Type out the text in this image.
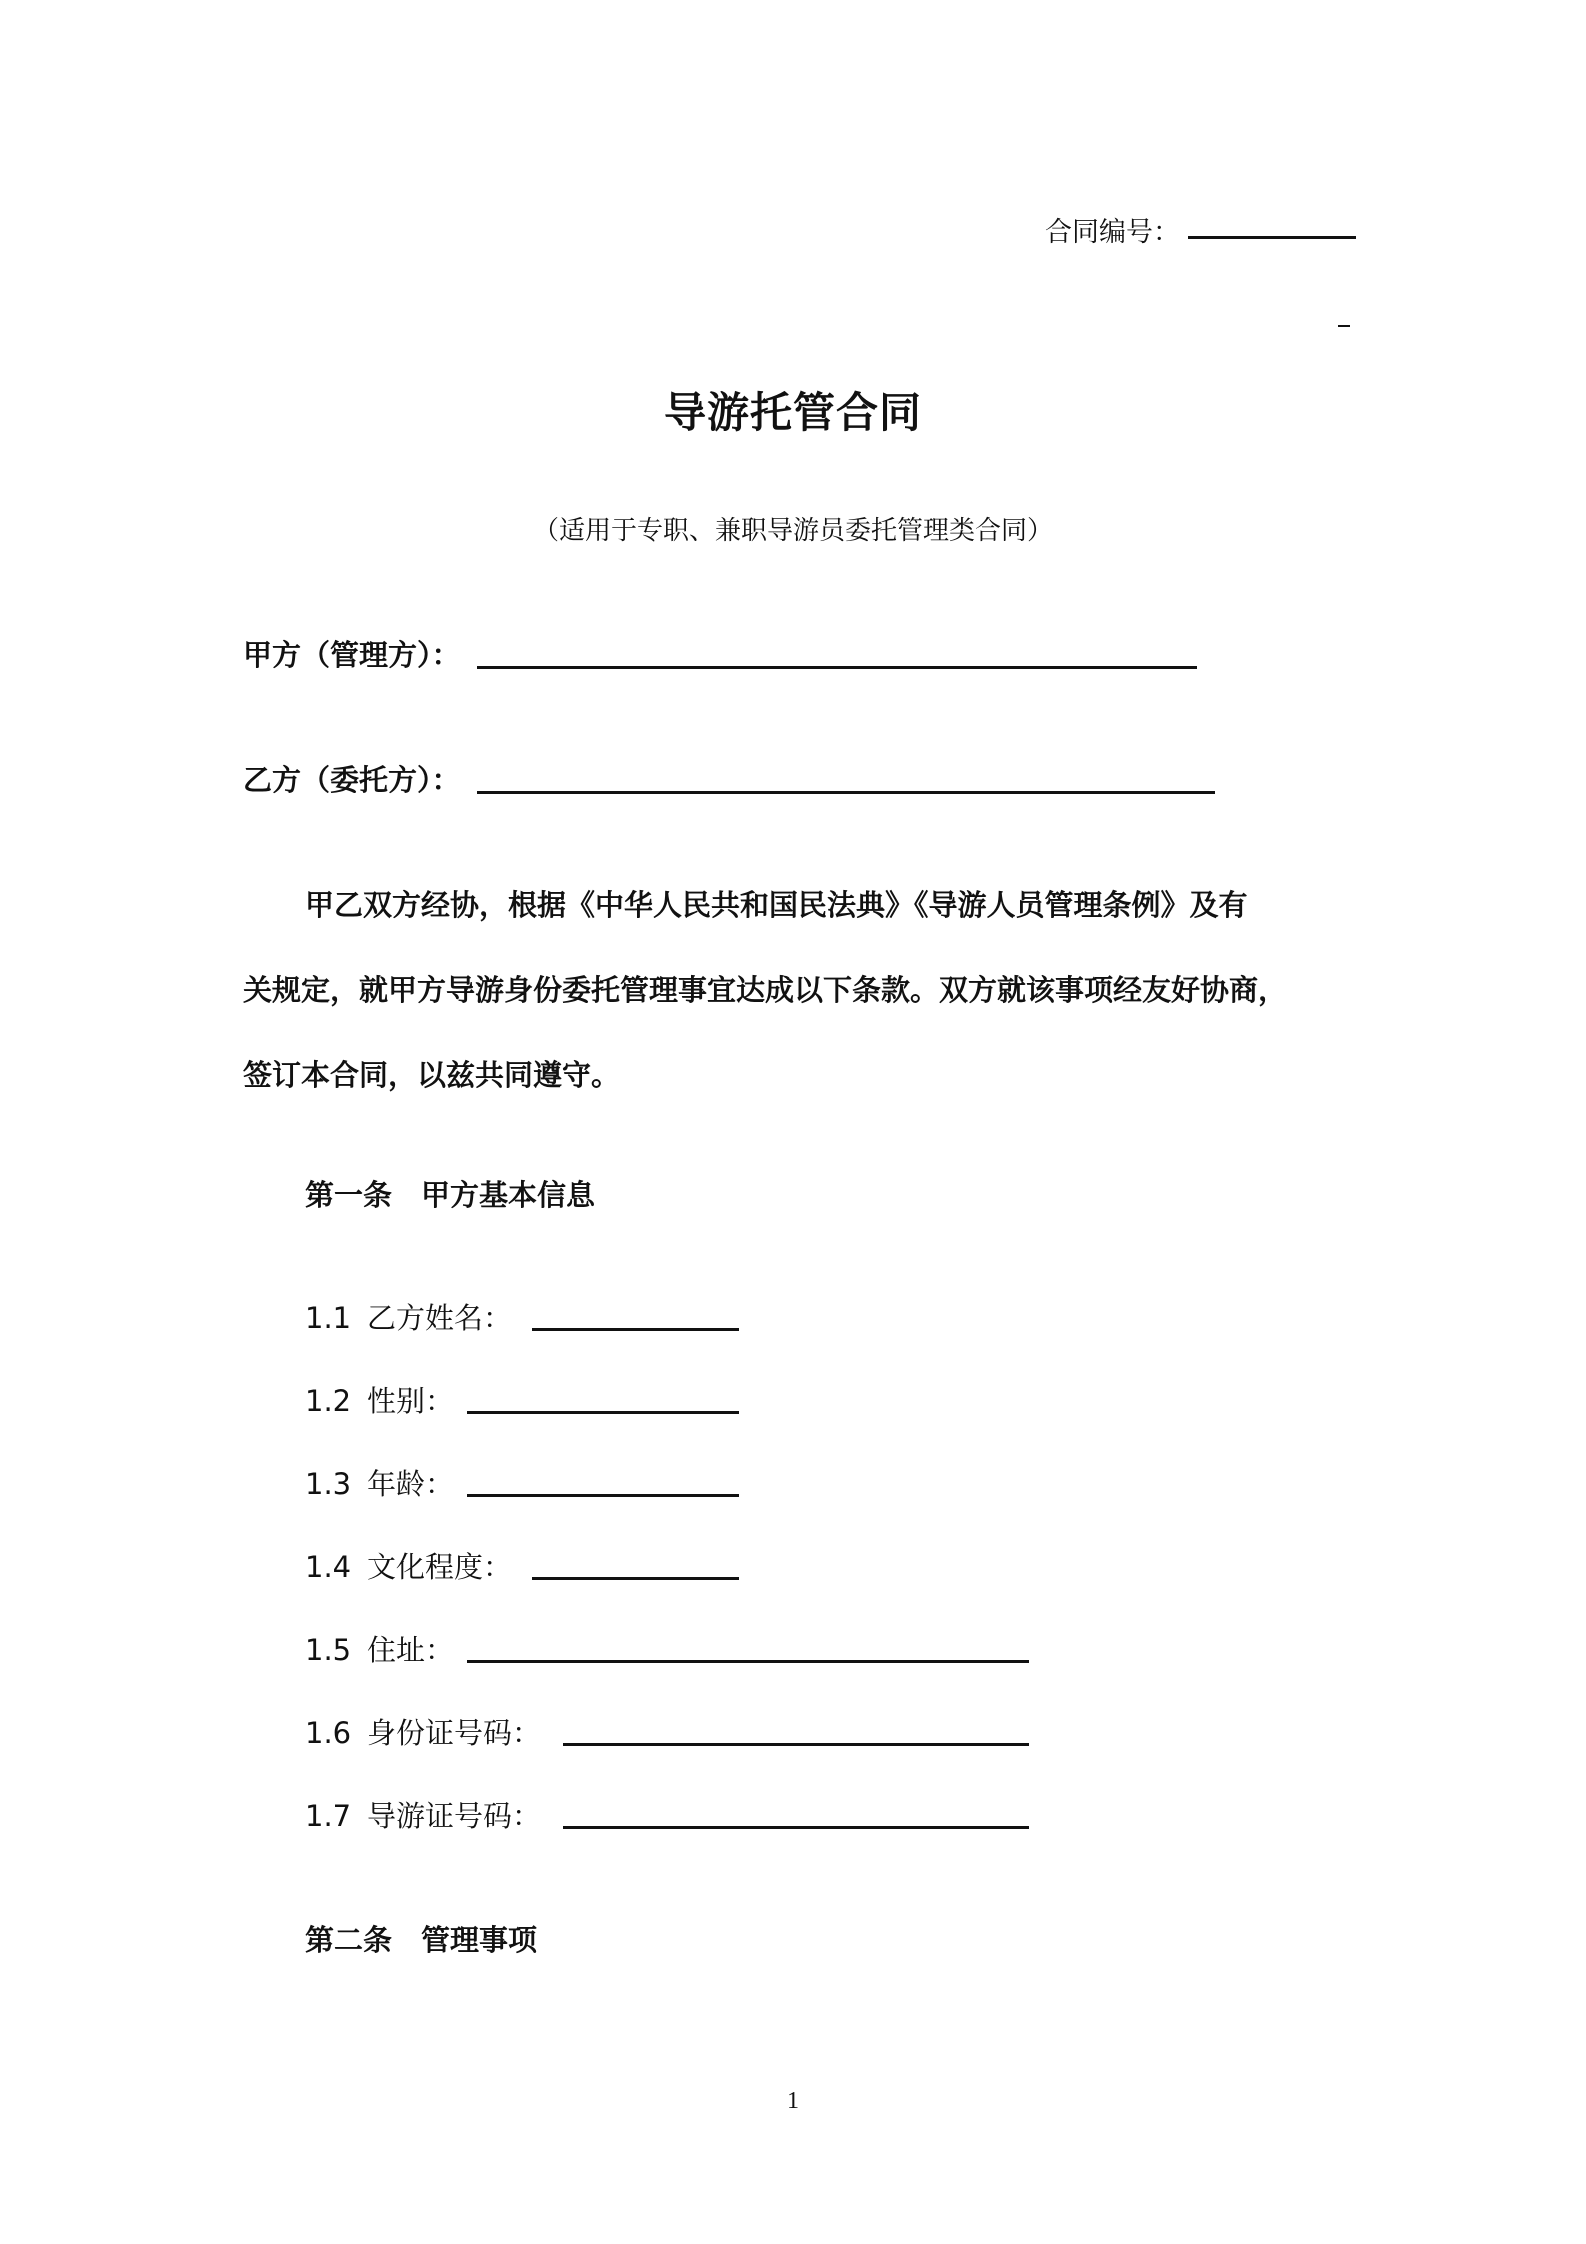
合同编号：
导游托管合同
（适用于专职、兼职导游员委托管理类合同）
甲方（管理方）：
乙方（委托方）：
甲乙双方经协，根据《中华人民共和国民法典》《导游人员管理条例》及有
关规定，就甲方导游身份委托管理事宜达成以下条款。双方就该事项经友好协商，
签订本合同，以兹共同遵守。
第一条　甲方基本信息
1.1 乙方姓名：
1.2 性别：
1.3 年龄：
1.4 文化程度：
1.5 住址：
1.6 身份证号码：
1.7 导游证号码：
第二条　管理事项
1
